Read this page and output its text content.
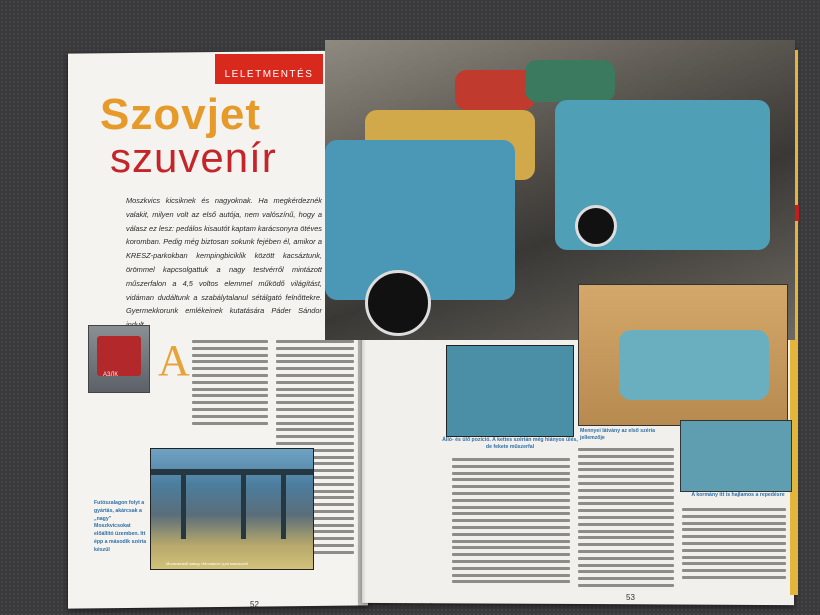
LELETMENTÉS
Szovjet
szuvenír
Moszkvics kicsiknek és nagyoknak. Ha megkérdeznék valakit, milyen volt az első autója, nem valószínű, hogy a válasz ez lesz: pedálos kisautót kaptam karácsonyra ötéves koromban. Pedig még biztosan sokunk fejében él, amikor a KRESZ-parkokban kempingbiciklik között kacsáztunk, örömmel kapcsolgattuk a nagy testvérről mintázott műszerfalon a 4,5 voltos elemmel működő világítást, vidáman dudáltunk a szabálytalanul sétálgató felnőttekre. Gyermekkorunk emlékeinek kutatására Páder Sándor
АЗЛК A
Московский завод «Москвич» для малышей
Futószalagon folyt a gyártás, akárcsak a „nagy” Moszkvicsokat előállító üzemben. Itt épp a második széria készül
52
Álló- és ülő pozíció. A kettes szérián még hiányos ülés, de fekete műszerfal
Mennyei látvány az első széria jellemzője
A kormány itt is hajlamos a repedésre
2008. március
53
